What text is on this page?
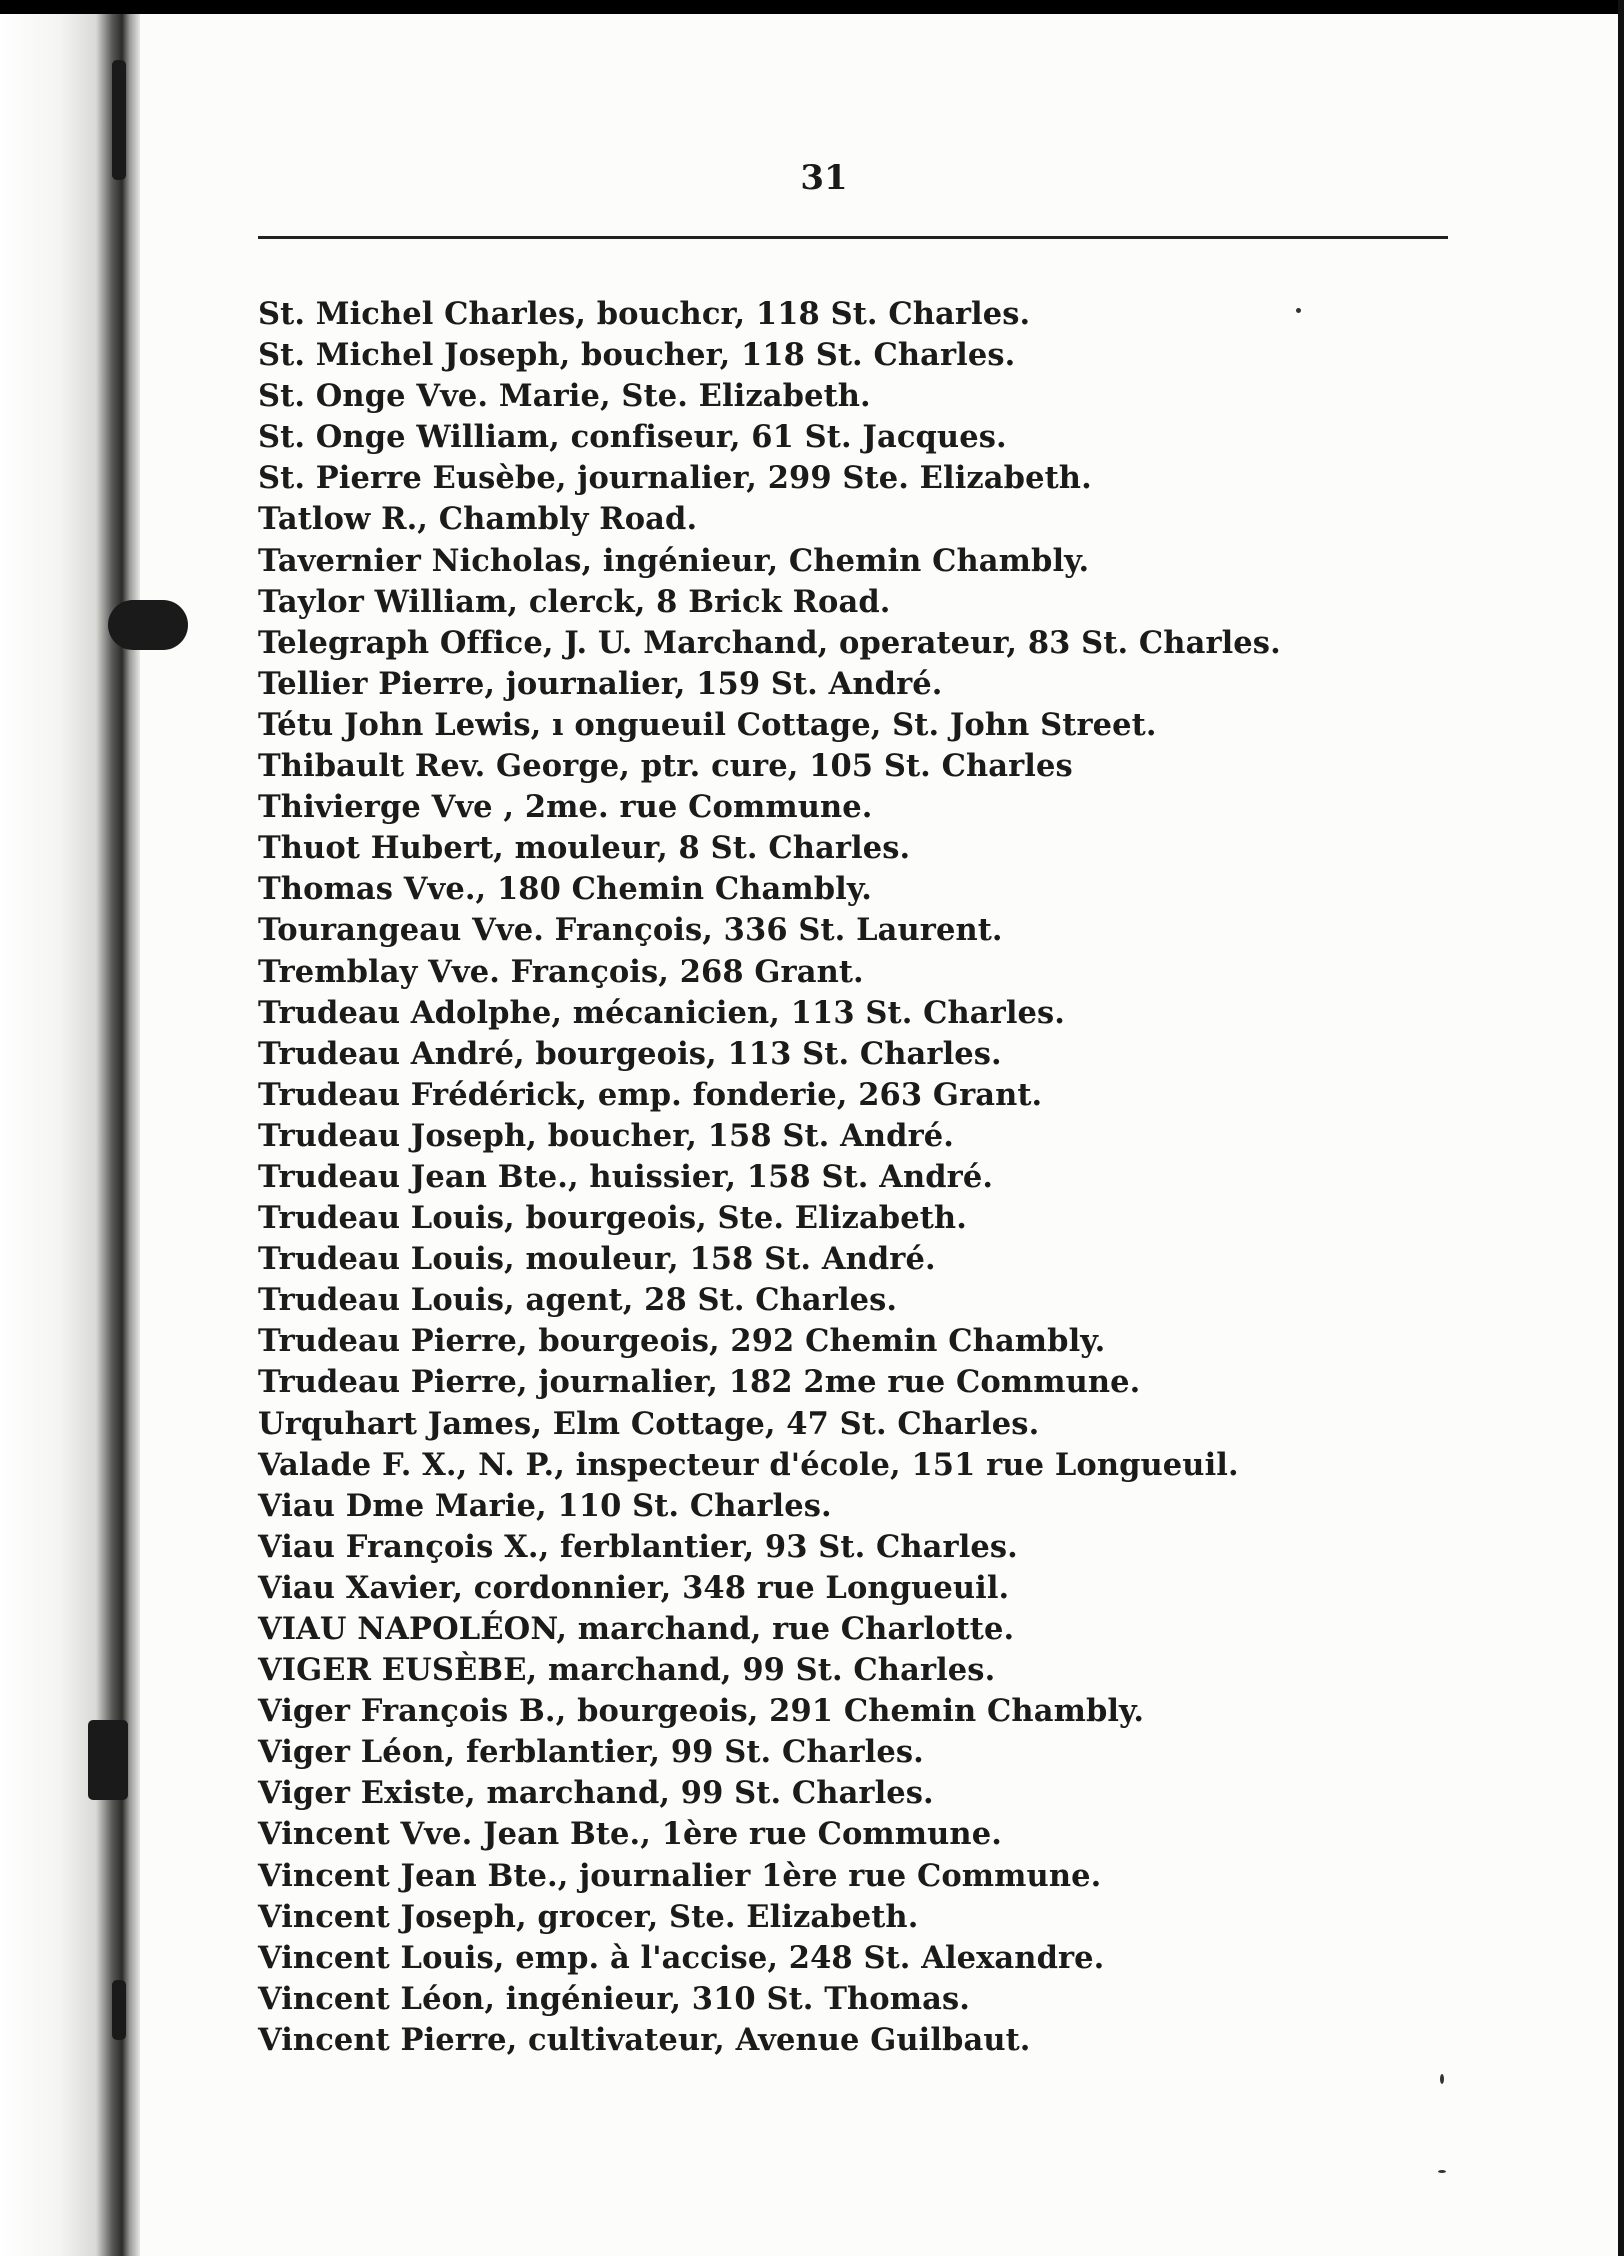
31
St. Michel Charles, bouchcr, 118 St. Charles.
St. Michel Joseph, boucher, 118 St. Charles.
St. Onge Vve. Marie, Ste. Elizabeth.
St. Onge William, confiseur, 61 St. Jacques.
St. Pierre Eusèbe, journalier, 299 Ste. Elizabeth.
Tatlow R., Chambly Road.
Tavernier Nicholas, ingénieur, Chemin Chambly.
Taylor William, clerck, 8 Brick Road.
Telegraph Office, J. U. Marchand, operateur, 83 St. Charles.
Tellier Pierre, journalier, 159 St. André.
Tétu John Lewis, ı ongueuil Cottage, St. John Street.
Thibault Rev. George, ptr. cure, 105 St. Charles
Thivierge Vve , 2me. rue Commune.
Thuot Hubert, mouleur, 8 St. Charles.
Thomas Vve., 180 Chemin Chambly.
Tourangeau Vve. François, 336 St. Laurent.
Tremblay Vve. François, 268 Grant.
Trudeau Adolphe, mécanicien, 113 St. Charles.
Trudeau André, bourgeois, 113 St. Charles.
Trudeau Frédérick, emp. fonderie, 263 Grant.
Trudeau Joseph, boucher, 158 St. André.
Trudeau Jean Bte., huissier, 158 St. André.
Trudeau Louis, bourgeois, Ste. Elizabeth.
Trudeau Louis, mouleur, 158 St. André.
Trudeau Louis, agent, 28 St. Charles.
Trudeau Pierre, bourgeois, 292 Chemin Chambly.
Trudeau Pierre, journalier, 182 2me rue Commune.
Urquhart James, Elm Cottage, 47 St. Charles.
Valade F. X., N. P., inspecteur d'école, 151 rue Longueuil.
Viau Dme Marie, 110 St. Charles.
Viau François X., ferblantier, 93 St. Charles.
Viau Xavier, cordonnier, 348 rue Longueuil.
VIAU NAPOLÉON, marchand, rue Charlotte.
VIGER EUSÈBE, marchand, 99 St. Charles.
Viger François B., bourgeois, 291 Chemin Chambly.
Viger Léon, ferblantier, 99 St. Charles.
Viger Existe, marchand, 99 St. Charles.
Vincent Vve. Jean Bte., 1ère rue Commune.
Vincent Jean Bte., journalier 1ère rue Commune.
Vincent Joseph, grocer, Ste. Elizabeth.
Vincent Louis, emp. à l'accise, 248 St. Alexandre.
Vincent Léon, ingénieur, 310 St. Thomas.
Vincent Pierre, cultivateur, Avenue Guilbaut.
